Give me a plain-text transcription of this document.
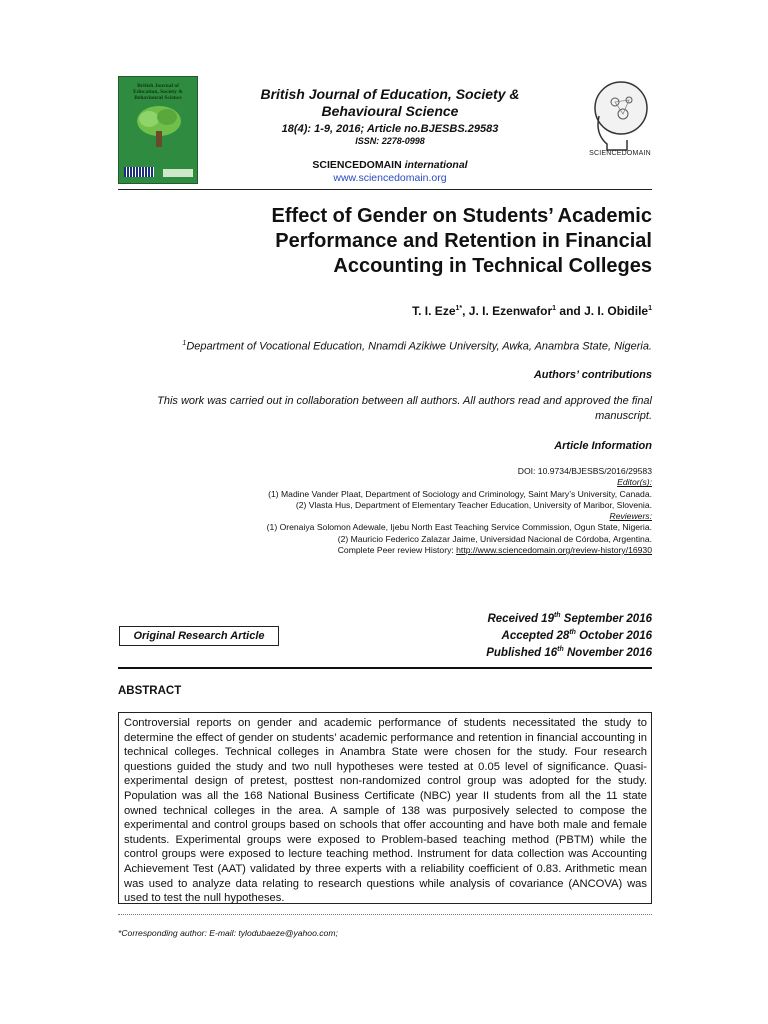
British Journal of
Education, Society &
Behavioural Science	British Journal of Education, Society &
Behavioural Science
18(4): 1-9, 2016; Article no.BJESBS.29583
ISSN: 2278-0998
SCIENCEDOMAIN international
www.sciencedomain.org
SCIENCEDOMAIN
Effect of Gender on Students’ Academic
Performance and Retention in Financial
Accounting in Technical Colleges
T. I. Eze$^{1*}$, J. I. Ezenwafor$^1$ and J. I. Obidile$^1$
$^1$Department of Vocational Education, Nnamdi Azikiwe University, Awka, Anambra State, Nigeria.
Authors’ contributions
This work was carried out in collaboration between all authors. All authors read and approved the final
manuscript.
Article Information
DOI: 10.9734/BJESBS/2016/29583
Editor(s):
(1) Madine Vander Plaat, Department of Sociology and Criminology, Saint Mary’s University, Canada.
(2) Vlasta Hus, Department of Elementary Teacher Education, University of Maribor, Slovenia.
Reviewers:
(1) Orenaiya Solomon Adewale, Ijebu North East Teaching Service Commission, Ogun State, Nigeria.
(2) Mauricio Federico Zalazar Jaime, Universidad Nacional de Córdoba, Argentina.
Complete Peer review History: http://www.sciencedomain.org/review-history/16930
Received 19th September 2016
Accepted 28th October 2016
Published 16th November 2016
Original Research Article
ABSTRACT
Controversial reports on gender and academic performance of students necessitated the study to determine the effect of gender on students’ academic performance and retention in financial accounting in technical colleges. Technical colleges in Anambra State were chosen for the study. Four research questions guided the study and two null hypotheses were tested at 0.05 level of significance. Quasi-experimental design of pretest, posttest non-randomized control group was adopted for the study. Population was all the 168 National Business Certificate (NBC) year II students from all the 11 state owned technical colleges in the area. A sample of 138 was purposively selected to compose the experimental and control groups based on schools that offer accounting and have both male and female students. Experimental groups were exposed to Problem-based teaching method (PBTM) while the control groups were exposed to lecture teaching method. Instrument for data collection was Accounting Achievement Test (AAT) validated by three experts with a reliability coefficient of 0.83. Arithmetic mean was used to analyze data relating to research questions while analysis of covariance (ANCOVA) was used to test the null hypotheses.
*Corresponding author: E-mail: tylodubaeze@yahoo.com;
